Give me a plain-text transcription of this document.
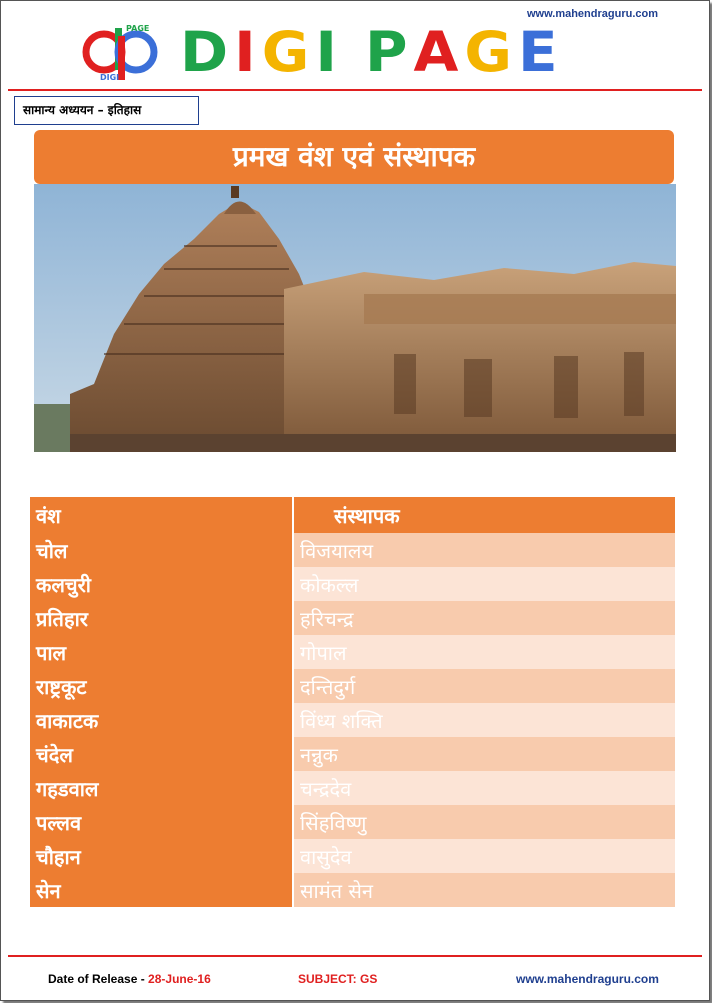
www.mahendraguru.com
PAGE
DIGI DIGI PAGE
सामान्य अध्ययन – इतिहास
प्रमख वंश एवं संस्थापक
वंश	संस्थापक
चोल	विजयालय
कलचुरी	कोकल्ल
प्रतिहार	हरिचन्द्र
पाल	गोपाल
राष्ट्रकूट	दन्तिदुर्ग
वाकाटक	विंध्य शक्ति
चंदेल	नन्नुक
गहडवाल	चन्द्रदेव
पल्लव	सिंहविष्णु
चौहान	वासुदेव
सेन	सामंत सेन
Date of Release - 28-June-16	SUBJECT: GS	www.mahendraguru.com
